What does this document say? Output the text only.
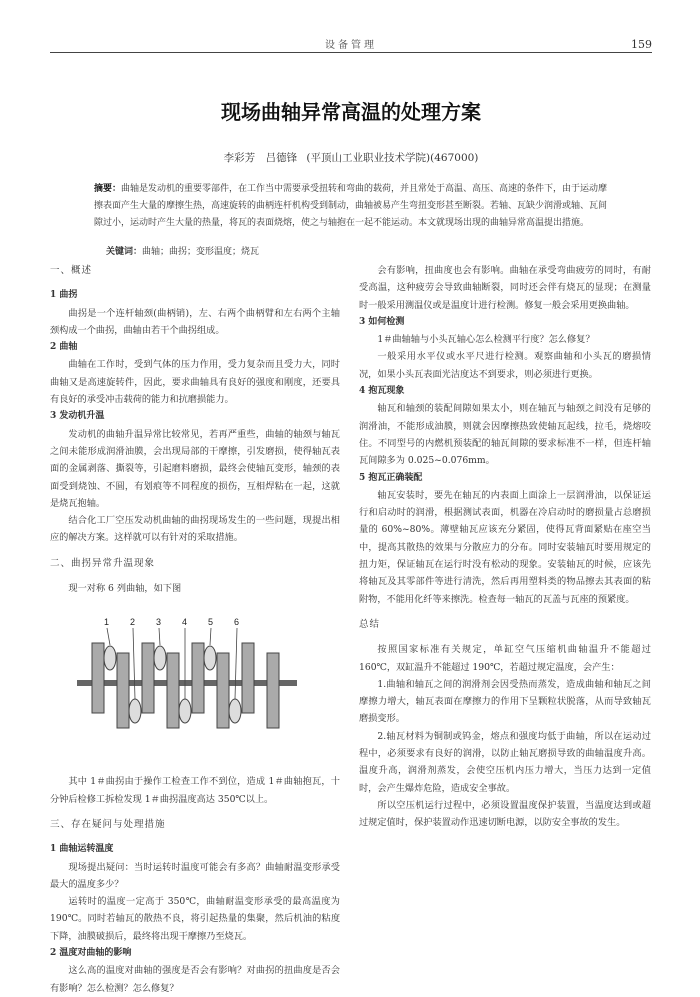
设备管理	159
现场曲轴异常高温的处理方案
李彩芳　吕德锋 (平顶山工业职业技术学院)(467000)
摘要：曲轴是发动机的重要零部件，在工作当中需要承受扭转和弯曲的载荷，并且常处于高温、高压、高速的条件下，由于运动摩擦表面产生大量的摩擦生热，高速旋转的曲柄连杆机构受到制动，曲轴被易产生弯扭变形甚至断裂。若轴、瓦缺少润滑或轴、瓦间隙过小，运动时产生大量的热量，将瓦的表面烧熔，使之与轴抱在一起不能运动。本文就现场出现的曲轴异常高温提出措施。
关键词：曲轴；曲拐；变形温度；烧瓦
一、概述
1 曲拐

曲拐是一个连杆轴颈(曲柄销)，左、右两个曲柄臂和左右两个主轴颈构成一个曲拐，曲轴由若干个曲拐组成。

2 曲轴

曲轴在工作时，受到气体的压力作用，受力复杂而且受力大，同时曲轴又是高速旋转件，因此，要求曲轴具有良好的强度和刚度，还要具有良好的承受冲击载荷的能力和抗磨损能力。

3 发动机升温

发动机的曲轴升温异常比较常见，若再严重些，曲轴的轴颈与轴瓦之间未能形成润滑油膜，会出现局部的干摩擦，引发磨损，使得轴瓦表面的金属剥落、撕裂等，引起磨料磨损，最终会使轴瓦变形，轴颈的表面受到烧蚀、不圆，有划痕等不同程度的损伤，互相焊粘在一起，这就是烧瓦抱轴。

结合化工厂空压发动机曲轴的曲拐现场发生的一些问题，现提出相应的解决方案。这样就可以有针对的采取措施。

二、曲拐异常升温现象

现一对称 6 列曲轴，如下图

1 2 3 4 5 6

其中 1＃曲拐由于操作工检查工作不到位，造成 1＃曲轴抱瓦，十分钟后检修工拆检发现 1＃曲拐温度高达 350℃以上。

三、存在疑问与处理措施
1 曲轴运转温度

现场提出疑问：当时运转时温度可能会有多高？曲轴耐温变形承受最大的温度多少？

运转时的温度一定高于 350℃，曲轴耐温变形承受的最高温度为 190℃。同时若轴瓦的散热不良，将引起热量的集聚，然后机油的粘度下降，油膜破损后，最终将出现干摩擦乃至烧瓦。

2 温度对曲轴的影响

这么高的温度对曲轴的强度是否会有影响？对曲拐的扭曲度是否会有影响？怎么检测？怎么修复？

会有影响，扭曲度也会有影响。曲轴在承受弯曲疲劳的同时，有耐受高温，这种疲劳会导致曲轴断裂，同时还会伴有烧瓦的显现；在测量时一般采用测温仪或是温度计进行检测。修复一般会采用更换曲轴。

3 如何检测

1＃曲轴轴与小头瓦轴心怎么检测平行度？怎么修复？

一般采用水平仪或水平尺进行检测。观察曲轴和小头瓦的磨损情况，如果小头瓦表面光洁度达不到要求，则必须进行更换。

4 抱瓦现象

轴瓦和轴颈的装配间隙如果太小，则在轴瓦与轴颈之间没有足够的润滑油，不能形成油膜，则就会因摩擦热致使轴瓦起线，拉毛，烧熔咬住。不同型号的内燃机预装配的轴瓦间隙的要求标准不一样，但连杆轴瓦间隙多为 0.025~0.076mm。

5 抱瓦正确装配

轴瓦安装时，要先在轴瓦的内表面上面涂上一层润滑油，以保证运行和启动时的润滑，根据测试表面，机器在冷启动时的磨损量占总磨损量的 60%~80%。薄壁轴瓦应该充分紧固，使得瓦背面紧贴在座空当中，提高其散热的效果与分散应力的分布。同时安装轴瓦时要用规定的扭力矩，保证轴瓦在运行时没有松动的现象。安装轴瓦的时候，应该先将轴瓦及其零部件等进行清洗，然后再用塑料类的物品擦去其表面的粘附物，不能用化纤等来擦洗。检查每一轴瓦的瓦盖与瓦座的预紧度。

总结

按照国家标准有关规定，单缸空气压缩机曲轴温升不能超过 160℃，双缸温升不能超过 190℃，若超过规定温度，会产生：

1.曲轴和轴瓦之间的润滑剂会因受热而蒸发，造成曲轴和轴瓦之间摩擦力增大，轴瓦表面在摩擦力的作用下呈颗粒状脱落，从而导致轴瓦磨损变形。

2.轴瓦材料为铜制或钨金，熔点和强度均低于曲轴，所以在运动过程中，必须要求有良好的润滑，以防止轴瓦磨损导致的曲轴温度升高。温度升高，润滑剂蒸发，会使空压机内压力增大，当压力达到一定值时，会产生爆炸危险，造成安全事故。

所以空压机运行过程中，必须设置温度保护装置，当温度达到或超过规定值时，保护装置动作迅速切断电源，以防安全事故的发生。
